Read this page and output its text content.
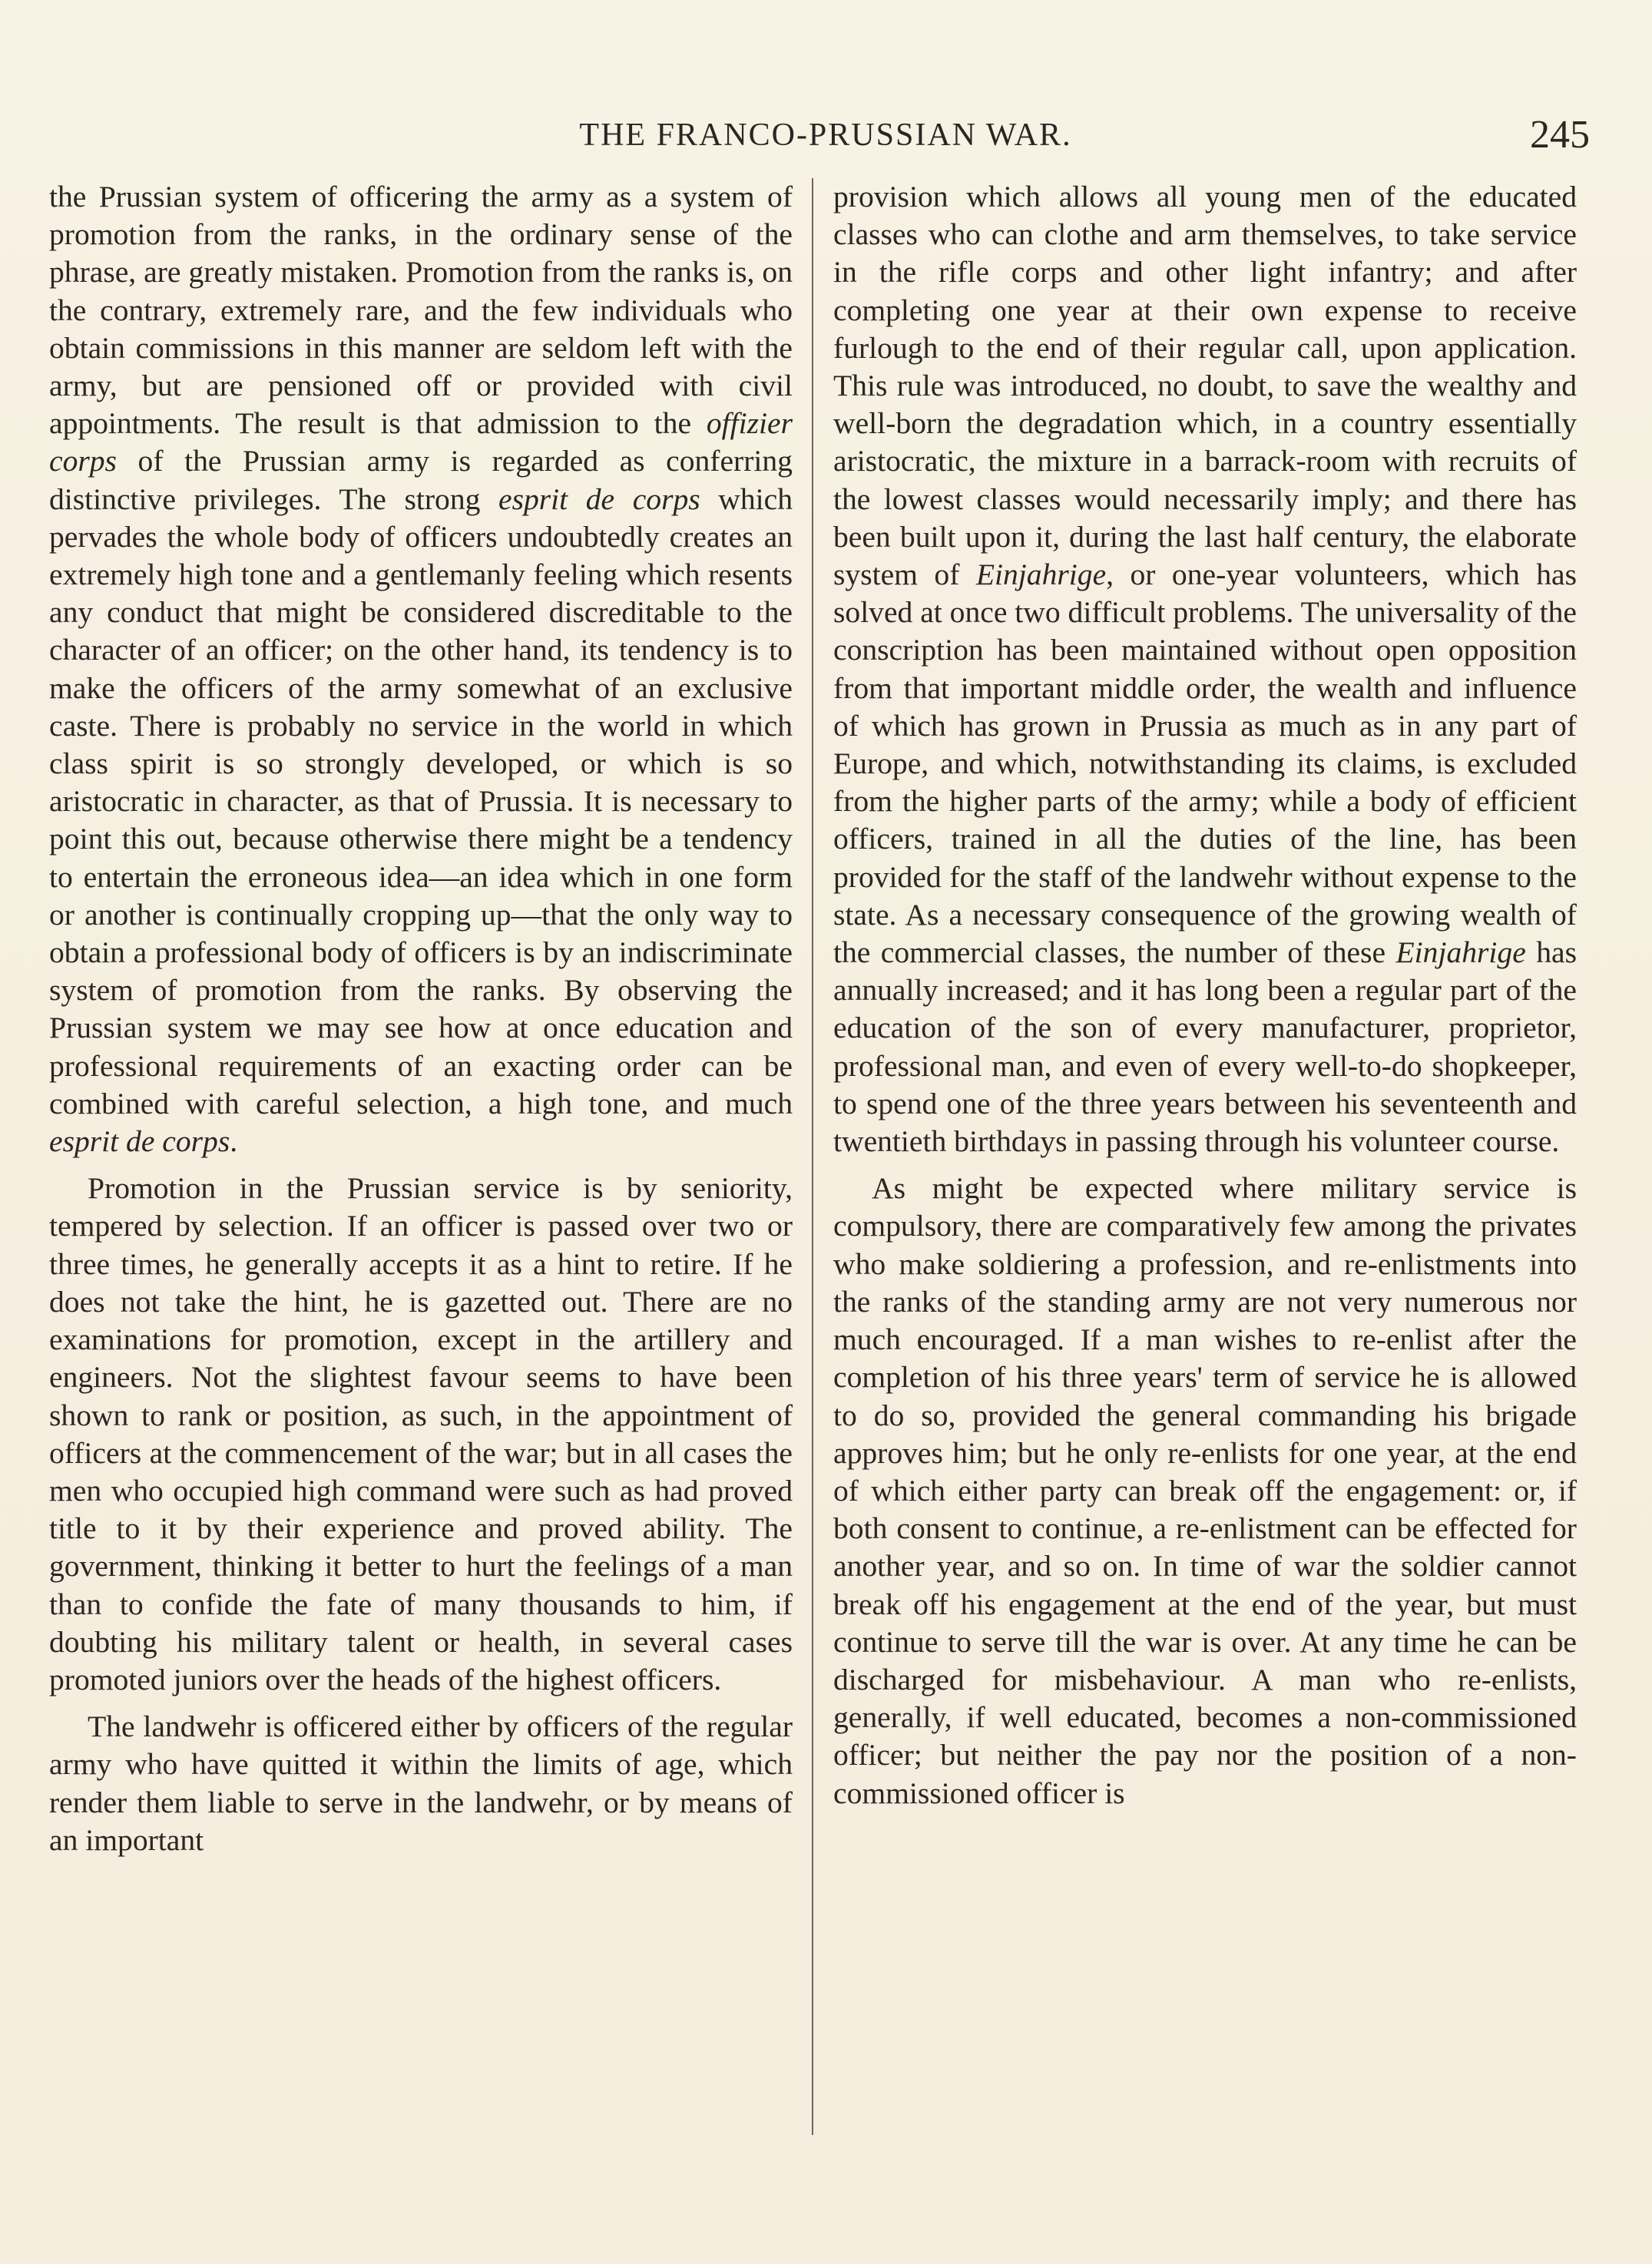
THE FRANCO-PRUSSIAN WAR.	245

the Prussian system of officering the army as a system of promotion from the ranks, in the ordinary sense of the phrase, are greatly mistaken. Promotion from the ranks is, on the contrary, extremely rare, and the few individuals who obtain commissions in this manner are seldom left with the army, but are pensioned off or provided with civil appointments. The result is that admission to the offizier corps of the Prussian army is regarded as conferring distinctive privileges. The strong esprit de corps which pervades the whole body of officers undoubtedly creates an extremely high tone and a gentlemanly feeling which resents any conduct that might be considered discreditable to the character of an officer; on the other hand, its tendency is to make the officers of the army somewhat of an exclusive caste. There is probably no service in the world in which class spirit is so strongly developed, or which is so aristocratic in character, as that of Prussia. It is necessary to point this out, because otherwise there might be a tendency to entertain the erroneous idea—an idea which in one form or another is continually cropping up—that the only way to obtain a professional body of officers is by an indiscriminate system of promotion from the ranks. By observing the Prussian system we may see how at once education and professional requirements of an exacting order can be combined with careful selection, a high tone, and much esprit de corps.

Promotion in the Prussian service is by seniority, tempered by selection. If an officer is passed over two or three times, he generally accepts it as a hint to retire. If he does not take the hint, he is gazetted out. There are no examinations for promotion, except in the artillery and engineers. Not the slightest favour seems to have been shown to rank or position, as such, in the appointment of officers at the commencement of the war; but in all cases the men who occupied high command were such as had proved title to it by their experience and proved ability. The government, thinking it better to hurt the feelings of a man than to confide the fate of many thousands to him, if doubting his military talent or health, in several cases promoted juniors over the heads of the highest officers.

The landwehr is officered either by officers of the regular army who have quitted it within the limits of age, which render them liable to serve in the landwehr, or by means of an important

provision which allows all young men of the educated classes who can clothe and arm themselves, to take service in the rifle corps and other light infantry; and after completing one year at their own expense to receive furlough to the end of their regular call, upon application. This rule was introduced, no doubt, to save the wealthy and well-born the degradation which, in a country essentially aristocratic, the mixture in a barrack-room with recruits of the lowest classes would necessarily imply; and there has been built upon it, during the last half century, the elaborate system of Einjahrige, or one-year volunteers, which has solved at once two difficult problems. The universality of the conscription has been maintained without open opposition from that important middle order, the wealth and influence of which has grown in Prussia as much as in any part of Europe, and which, notwithstanding its claims, is excluded from the higher parts of the army; while a body of efficient officers, trained in all the duties of the line, has been provided for the staff of the landwehr without expense to the state. As a necessary consequence of the growing wealth of the commercial classes, the number of these Einjahrige has annually increased; and it has long been a regular part of the education of the son of every manufacturer, proprietor, professional man, and even of every well-to-do shopkeeper, to spend one of the three years between his seventeenth and twentieth birthdays in passing through his volunteer course.

As might be expected where military service is compulsory, there are comparatively few among the privates who make soldiering a profession, and re-enlistments into the ranks of the standing army are not very numerous nor much encouraged. If a man wishes to re-enlist after the completion of his three years' term of service he is allowed to do so, provided the general commanding his brigade approves him; but he only re-enlists for one year, at the end of which either party can break off the engagement: or, if both consent to continue, a re-enlistment can be effected for another year, and so on. In time of war the soldier cannot break off his engagement at the end of the year, but must continue to serve till the war is over. At any time he can be discharged for misbehaviour. A man who re-enlists, generally, if well educated, becomes a non-commissioned officer; but neither the pay nor the position of a non-commissioned officer is
